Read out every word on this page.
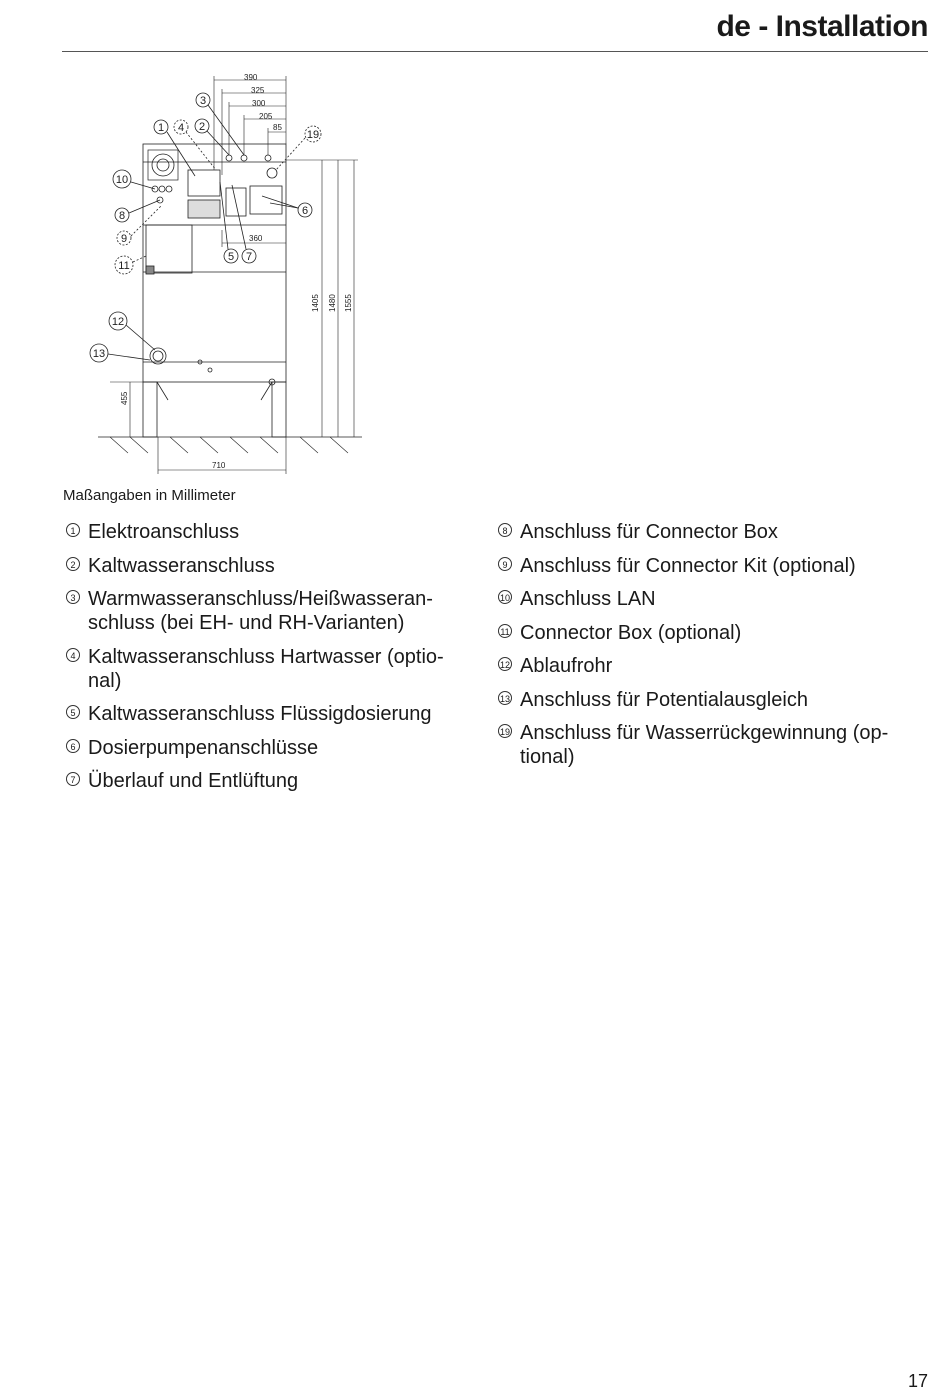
de - Installation
390
325
300
205
85
360
1405 1480 1555
455
710
1 4 2
3
19
10
6
8
9
5 7
11
12
13
Maßangaben in Millimeter
1 Elektroanschluss
2 Kaltwasseranschluss
3 Warmwasseranschluss/Heißwasseran-
schluss (bei EH- und RH-Varianten)
4 Kaltwasseranschluss Hartwasser (optio-
nal)
5 Kaltwasseranschluss Flüssigdosierung
6 Dosierpumpenanschlüsse
7 Überlauf und Entlüftung
8 Anschluss für Connector Box
9 Anschluss für Connector Kit (optional)
10 Anschluss LAN
11 Connector Box (optional)
12 Ablaufrohr
13 Anschluss für Potentialausgleich
19 Anschluss für Wasserrückgewinnung (op-
tional)
17
